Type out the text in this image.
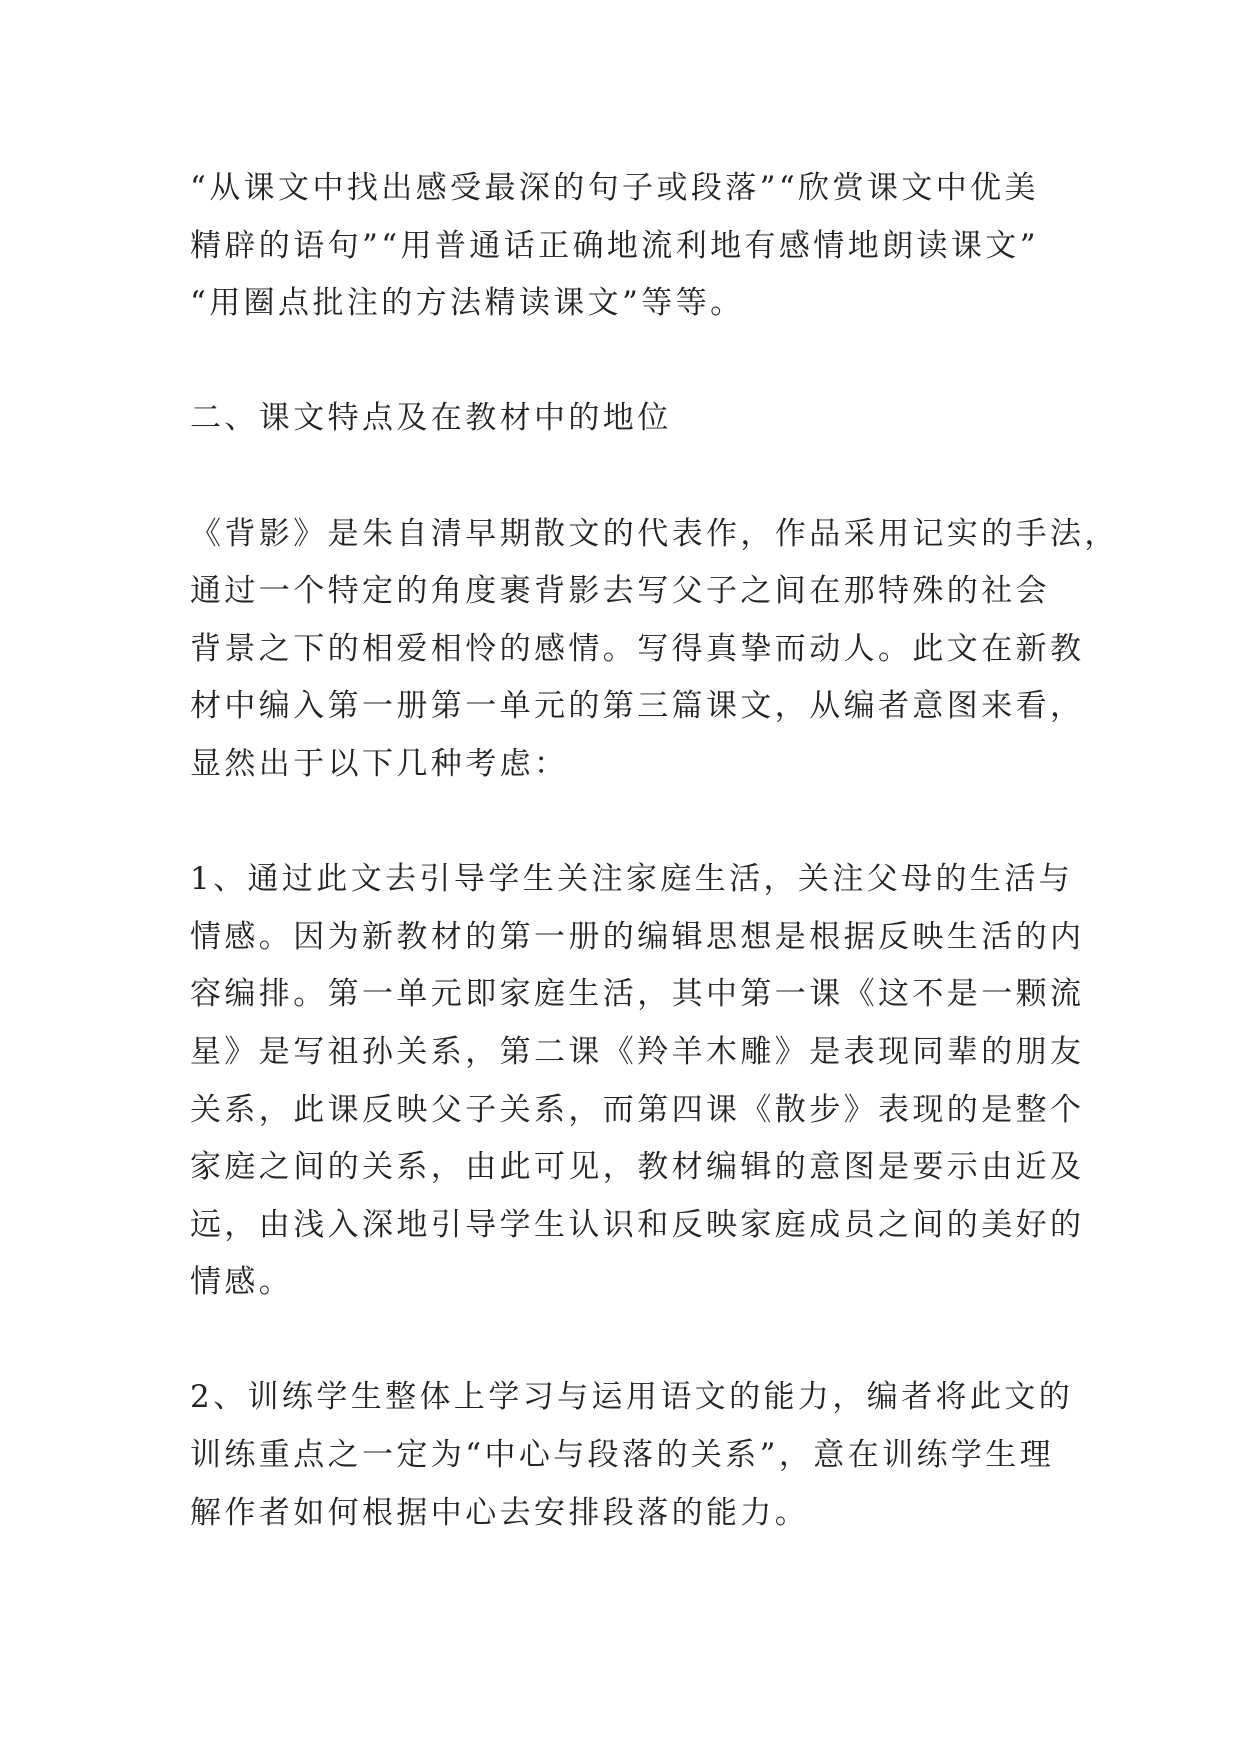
“从课文中找出感受最深的句子或段落”“欣赏课文中优美
精辟的语句”“用普通话正确地流利地有感情地朗读课文”
“用圈点批注的方法精读课文”等等。
二、课文特点及在教材中的地位
《背影》是朱自清早期散文的代表作，作品采用记实的手法，
通过一个特定的角度裹背影去写父子之间在那特殊的社会
背景之下的相爱相怜的感情。写得真挚而动人。此文在新教
材中编入第一册第一单元的第三篇课文，从编者意图来看，
显然出于以下几种考虑：
1、通过此文去引导学生关注家庭生活，关注父母的生活与
情感。因为新教材的第一册的编辑思想是根据反映生活的内
容编排。第一单元即家庭生活，其中第一课《这不是一颗流
星》是写祖孙关系，第二课《羚羊木雕》是表现同辈的朋友
关系，此课反映父子关系，而第四课《散步》表现的是整个
家庭之间的关系，由此可见，教材编辑的意图是要示由近及
远，由浅入深地引导学生认识和反映家庭成员之间的美好的
情感。
2、训练学生整体上学习与运用语文的能力，编者将此文的
训练重点之一定为“中心与段落的关系”，意在训练学生理
解作者如何根据中心去安排段落的能力。
